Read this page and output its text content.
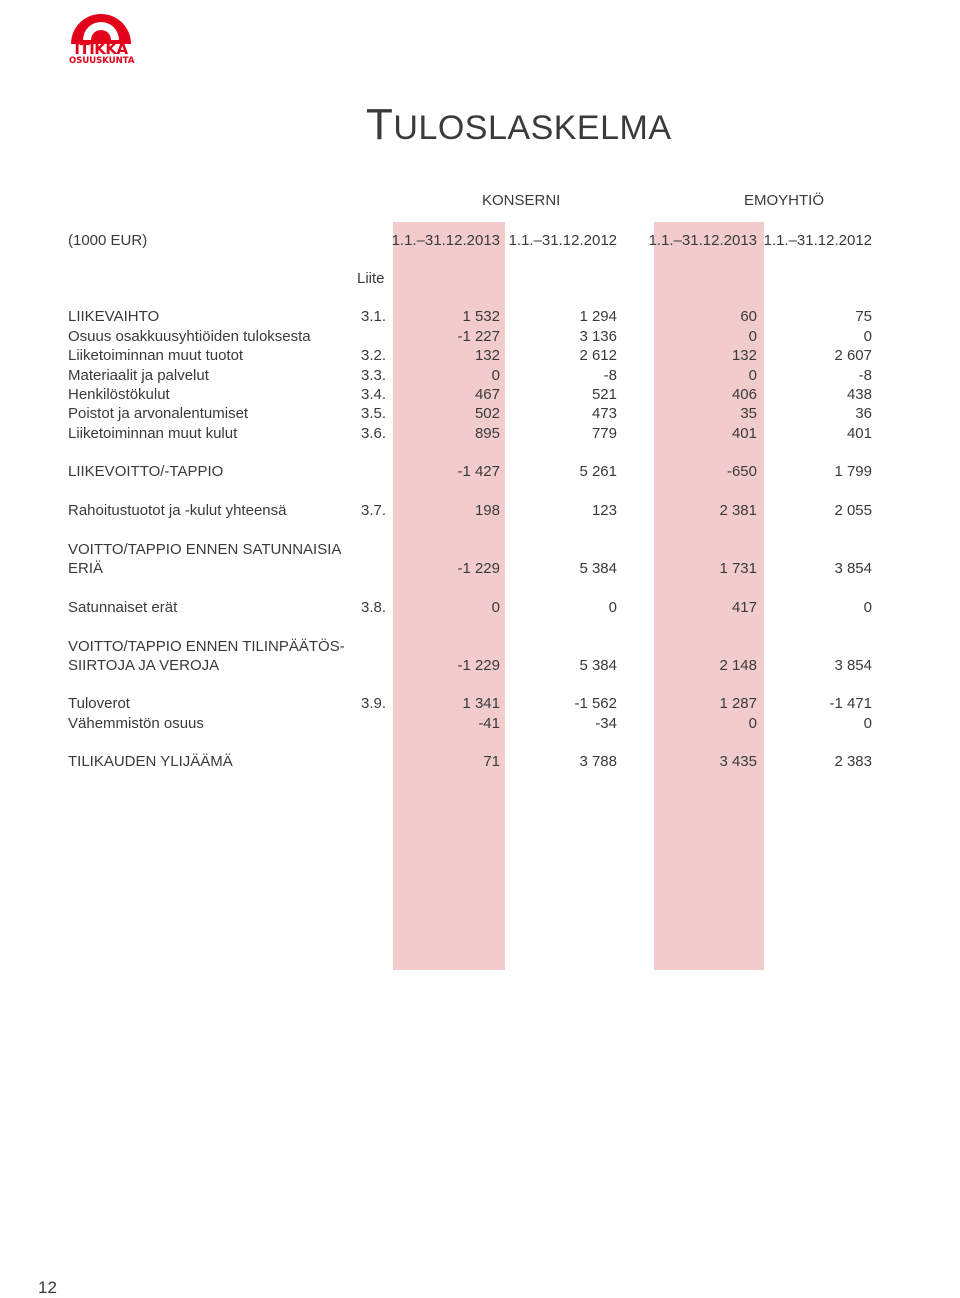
ITIKKA
OSUUSKUNTA
TULOSLASKELMA
KONSERNI	EMOYHTIÖ
(1000 EUR)	1.1.–31.12.2013 1.1.–31.12.2012	1.1.–31.12.2013 1.1.–31.12.2012
Liite
LIIKEVAIHTO	3.1.	1 532	1 294	60	75
Osuus osakkuusyhtiöiden tuloksesta	-1 227	3 136	0	0
Liiketoiminnan muut tuotot	3.2.	132	2 612	132	2 607
Materiaalit ja palvelut	3.3.	0	-8	0	-8
Henkilöstökulut	3.4.	467	521	406	438
Poistot ja arvonalentumiset	3.5.	502	473	35	36
Liiketoiminnan muut kulut	3.6.	895	779	401	401
LIIKEVOITTO/-TAPPIO	-1 427	5 261	-650	1 799
Rahoitustuotot ja -kulut yhteensä	3.7.	198	123	2 381	2 055
VOITTO/TAPPIO ENNEN SATUNNAISIA
ERIÄ	-1 229	5 384	1 731	3 854
Satunnaiset erät	3.8.	0	0	417	0
VOITTO/TAPPIO ENNEN TILINPÄÄTÖS-
SIIRTOJA JA VEROJA	-1 229	5 384	2 148	3 854
Tuloverot	3.9.	1 341	-1 562	1 287	-1 471
Vähemmistön osuus	-41	-34	0	0
TILIKAUDEN YLIJÄÄMÄ	71	3 788	3 435	2 383
12
